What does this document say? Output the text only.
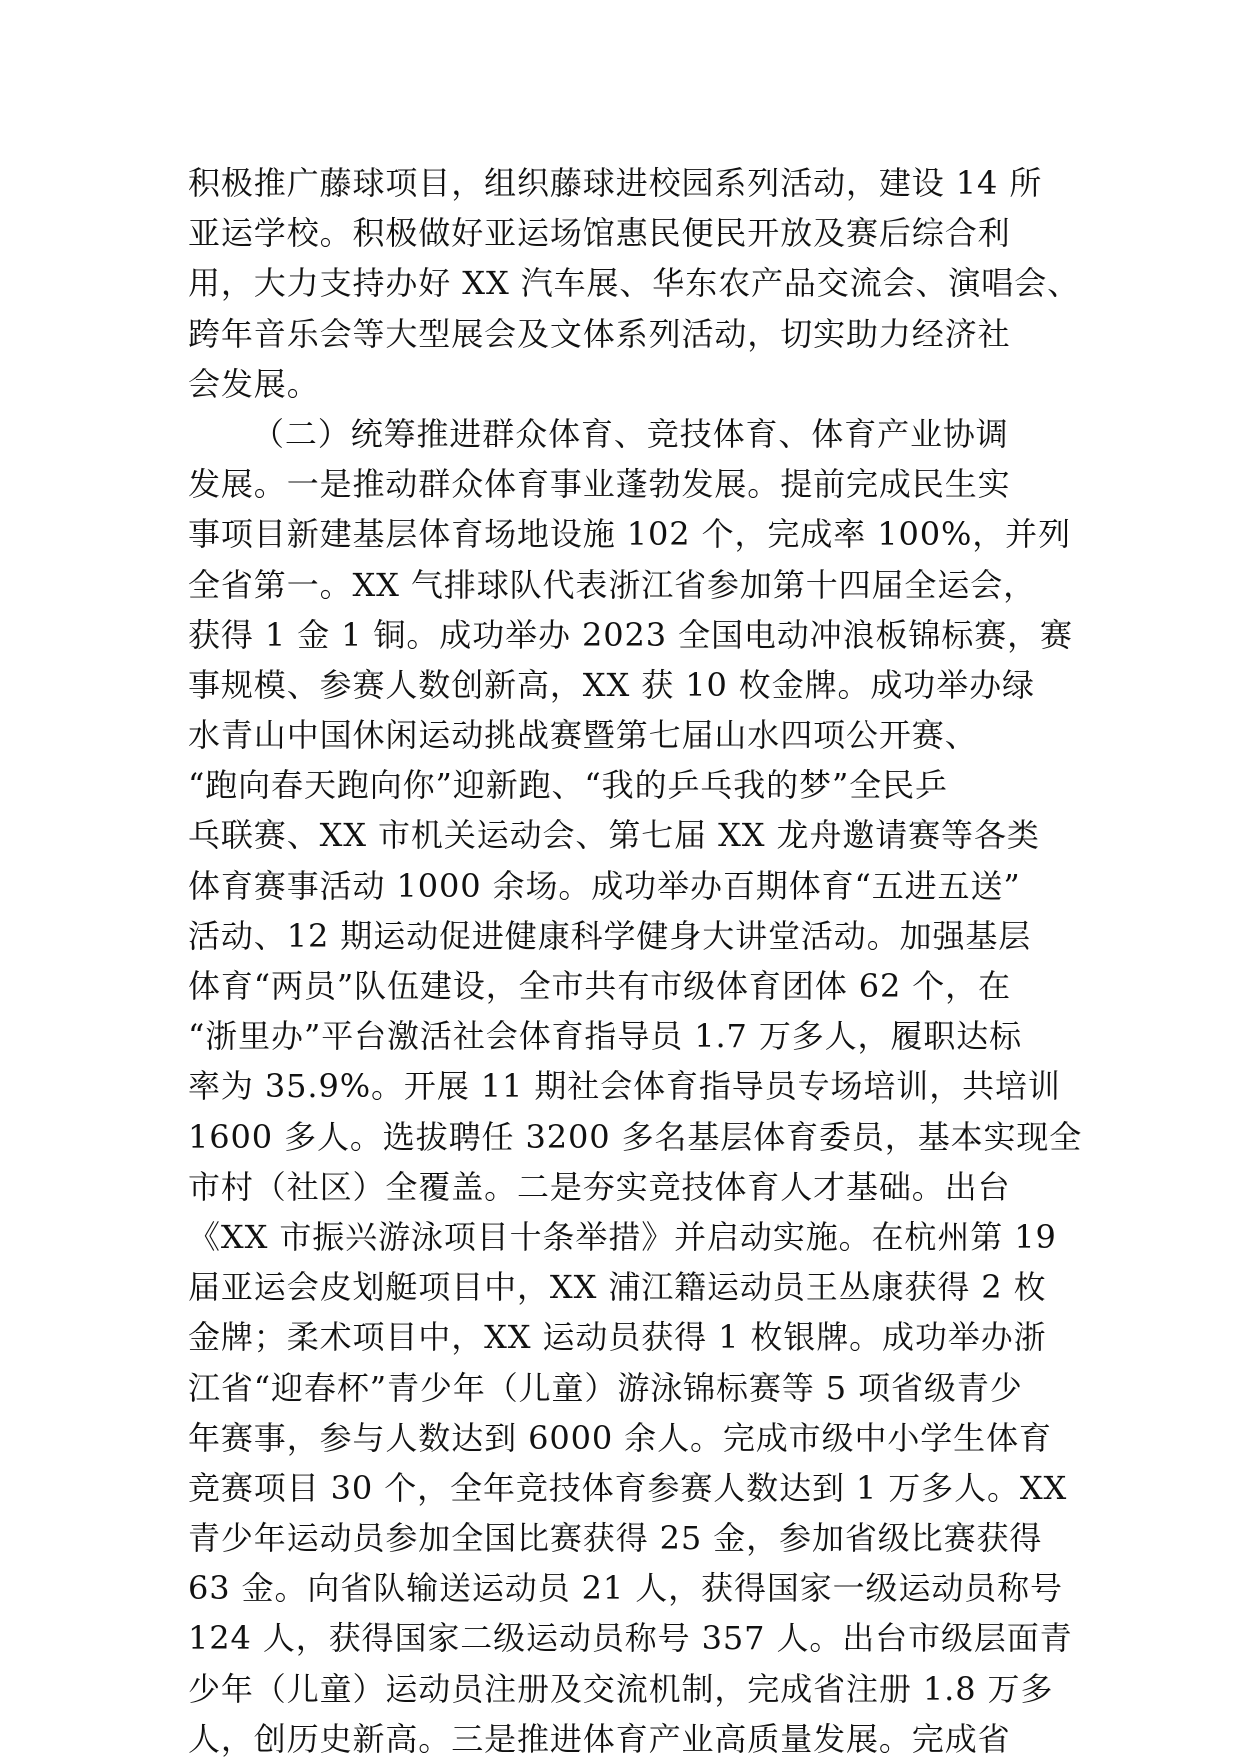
积极推广藤球项目，组织藤球进校园系列活动，建设 14 所
亚运学校。积极做好亚运场馆惠民便民开放及赛后综合利
用，大力支持办好 XX 汽车展、华东农产品交流会、演唱会、
跨年音乐会等大型展会及文体系列活动，切实助力经济社
会发展。
（二）统筹推进群众体育、竞技体育、体育产业协调
发展。一是推动群众体育事业蓬勃发展。提前完成民生实
事项目新建基层体育场地设施 102 个，完成率 100%，并列
全省第一。XX 气排球队代表浙江省参加第十四届全运会，
获得 1 金 1 铜。成功举办 2023 全国电动冲浪板锦标赛，赛
事规模、参赛人数创新高，XX 获 10 枚金牌。成功举办绿
水青山中国休闲运动挑战赛暨第七届山水四项公开赛、
“跑向春天跑向你”迎新跑、“我的乒乓我的梦”全民乒
乓联赛、XX 市机关运动会、第七届 XX 龙舟邀请赛等各类
体育赛事活动 1000 余场。成功举办百期体育“五进五送”
活动、12 期运动促进健康科学健身大讲堂活动。加强基层
体育“两员”队伍建设，全市共有市级体育团体 62 个，在
“浙里办”平台激活社会体育指导员 1.7 万多人，履职达标
率为 35.9%。开展 11 期社会体育指导员专场培训，共培训
1600 多人。选拔聘任 3200 多名基层体育委员，基本实现全
市村（社区）全覆盖。二是夯实竞技体育人才基础。出台
《XX 市振兴游泳项目十条举措》并启动实施。在杭州第 19
届亚运会皮划艇项目中，XX 浦江籍运动员王丛康获得 2 枚
金牌；柔术项目中，XX 运动员获得 1 枚银牌。成功举办浙
江省“迎春杯”青少年（儿童）游泳锦标赛等 5 项省级青少
年赛事，参与人数达到 6000 余人。完成市级中小学生体育
竞赛项目 30 个，全年竞技体育参赛人数达到 1 万多人。XX
青少年运动员参加全国比赛获得 25 金，参加省级比赛获得
63 金。向省队输送运动员 21 人，获得国家一级运动员称号
124 人，获得国家二级运动员称号 357 人。出台市级层面青
少年（儿童）运动员注册及交流机制，完成省注册 1.8 万多
人，创历史新高。三是推进体育产业高质量发展。完成省
